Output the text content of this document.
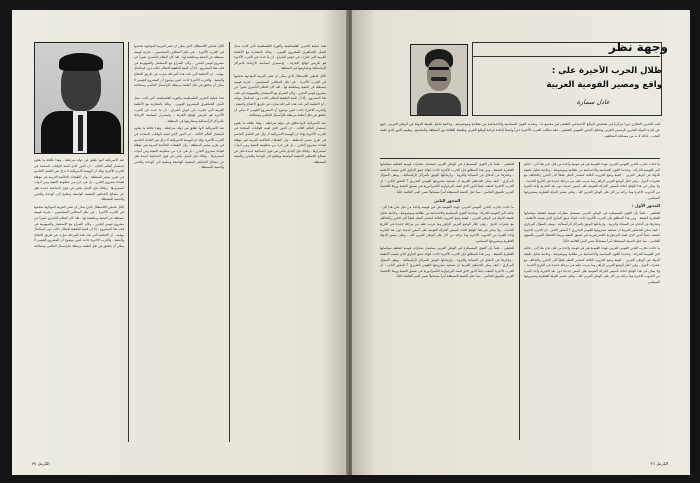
عبد الامبريالية لانها تطلق في دولة مترابطة ، وهذا علاقة ما يقاوم استعمار العالم الثالث . ان الدور الذي لعبته الولايات المتحدة في الحرب الأخيرة يؤكد ان الهيمنة الامبريالية لا تزال هي العامل الحاسم في تقرير مصير المنطقة ، وان الطبقات الحاكمة العربية غير مؤهلة لقيادة مشروع التحرر ، بل هي جزء من منظومة التبعية ومن أدوات استمرارها . ولذلك فإن البديل يكمن في قوى اجتماعية جديدة تعبّر عن مصالح الجماهير الشعبية الواسعة وتطمح الى الوحدة والتحرر والتنمية المستقلة .

الكل عاملين اللاستقلال الذي يمكن ان تعتبر العربية المواجهة بحجمها في الحرب الأخيرة ، في نظر المحللين السياسيين ، تجربة قومية مستقلة عن التبعية ومناهضة لها . لقد كان النظام الناصري تعبيراً عن مشروع قومي للتحرر ، وكان الصراع مع الاستعمار والصهيونية في قلب هذا المشروع ، إلا أن البنية الطبقية للنظام حالت دون استكمال مهامه . ان الانظمة التي تلت هذه المرحلة سارت في طريق الانفتاح والتبعية . والحرب الاخيرة جاءت لتبين بوضوح أن المشروع القومي لا يمكن أن يتحقق في ظل أنظمة مرتبطة بالرأسمال العالمي ومصالحه .

الكل عاملين اللاستقلال الذي يمكن ان تعتبر العربية المواجهة بحجمها في الحرب الأخيرة ، في نظر المحللين السياسيين ، تجربة قومية مستقلة عن التبعية ومناهضة لها . لقد كان النظام الناصري تعبيراً عن مشروع قومي للتحرر ، وكان الصراع مع الاستعمار والصهيونية في قلب هذا المشروع ، إلا أن البنية الطبقية للنظام حالت دون استكمال مهامه . ان الانظمة التي تلت هذه المرحلة سارت في طريق الانفتاح والتبعية . والحرب الاخيرة جاءت لتبين بوضوح أن المشروع القومي لا يمكن أن يتحقق في ظل أنظمة مرتبطة بالرأسمال العالمي ومصالحه .

هذه عملية التحرير الفلسطينية والثورة الفلسطينية التي كانت تمثل البديل الجماهيري للمشروع القومي ، وذلك بالمقارنة مع الأنظمة العربية التي عجزت عن خوض الصراع . ان ما حدث في الحرب الأخيرة هو تكريس لواقع التجزئة ، واستمرار لسياسة الارتباط بالمراكز الرأسمالية ومشاريعها في المنطقة .

عبد الامبريالية لانها تطلق في دولة مترابطة ، وهذا علاقة ما يقاوم استعمار العالم الثالث . ان الدور الذي لعبته الولايات المتحدة في الحرب الأخيرة يؤكد ان الهيمنة الامبريالية لا تزال هي العامل الحاسم في تقرير مصير المنطقة ، وان الطبقات الحاكمة العربية غير مؤهلة لقيادة مشروع التحرر ، بل هي جزء من منظومة التبعية ومن أدوات استمرارها . ولذلك فإن البديل يكمن في قوى اجتماعية جديدة تعبّر عن مصالح الجماهير الشعبية الواسعة وتطمح الى الوحدة والتحرر والتنمية المستقلة .

هذه عملية التحرير الفلسطينية والثورة الفلسطينية التي كانت تمثل البديل الجماهيري للمشروع القومي ، وذلك بالمقارنة مع الأنظمة العربية التي عجزت عن خوض الصراع . ان ما حدث في الحرب الأخيرة هو تكريس لواقع التجزئة ، واستمرار لسياسة الارتباط بالمراكز الرأسمالية ومشاريعها في المنطقة .

الكل عاملين اللاستقلال الذي يمكن ان تعتبر العربية المواجهة بحجمها في الحرب الأخيرة ، في نظر المحللين السياسيين ، تجربة قومية مستقلة عن التبعية ومناهضة لها . لقد كان النظام الناصري تعبيراً عن مشروع قومي للتحرر ، وكان الصراع مع الاستعمار والصهيونية في قلب هذا المشروع ، إلا أن البنية الطبقية للنظام حالت دون استكمال مهامه . ان الانظمة التي تلت هذه المرحلة سارت في طريق الانفتاح والتبعية . والحرب الاخيرة جاءت لتبين بوضوح أن المشروع القومي لا يمكن أن يتحقق في ظل أنظمة مرتبطة بالرأسمال العالمي ومصالحه .

عبد الامبريالية لانها تطلق في دولة مترابطة ، وهذا علاقة ما يقاوم استعمار العالم الثالث . ان الدور الذي لعبته الولايات المتحدة في الحرب الأخيرة يؤكد ان الهيمنة الامبريالية لا تزال هي العامل الحاسم في تقرير مصير المنطقة ، وان الطبقات الحاكمة العربية غير مؤهلة لقيادة مشروع التحرر ، بل هي جزء من منظومة التبعية ومن أدوات استمرارها . ولذلك فإن البديل يكمن في قوى اجتماعية جديدة تعبّر عن مصالح الجماهير الشعبية الواسعة وتطمح الى الوحدة والتحرر والتنمية المستقلة .

الكرمل ٣٧
وجهة نظر
ظلال الحرب الأخيرة على :
واقع ومصير القومية العربية
عادل سمارة

لعب التحرير النظري دوراً مركزياً في تشخيص الواقع الاجتماعي الطبقي في مجتمع ما ، وتحديد القوى السياسية والاجتماعية من عقلانية وموضوعية ، وخاصة تحليل طبيعة الدولة في الوطن العربي ، فهو عن ادارة الدولة التحرير الرسمي العربي وتحليل التحرر القومي الشعبي ، فقد شكلت الحرب الأخيرة حيزاً واسعاً لإعادة قراءة الواقع العربي وطبيعة العلاقة بين السلطة والمجتمع ، وتقييم الدور الذي لعبته النخب ، لذلك لا بد من مساءلة المفاهيم .

ما جاءت تجارب التحرر القومي العربي، فهذه القومية هي في قومية واحدة من قبل نحن هذا الى ، تحكم التي القومية الحركة ، وتحديدا القوى السياسية والاجتماعية من عقلانية وموضوعية ، وخاصة تحليل طبيعة الدولة في الوطن العربي . كيفية وضع الحروب الثلاثة كمصدر النظر فعلياً الى التحرر والتحالف مع عشرات الدول ، وفي اطار الوضع العربي الراهن وما يترتب عليه من مرحلة جديدة في التاريخ الحديث . ولا يمكن في هذا الواقع اعادة تأسيس الحركة القومية على أسس جديدة دون نقد التجربة وأخذ العبرة من الحروب الاخيرة وما تركته من آثار على الوطن العربي كله ، وعلى مصير الدولة القطرية ومشروعها السياسي .

المحور الأول :

للطبقي ، علماً بأن القوى المسيطرة في الوطن العربي تستعمل شعارات قومية لتغطية سياساتها القطرية الضيقة . ومن هذا المنطلق فإن الحرب الأخيرة جاءت لتؤكد عمق المأزق الذي تعيشه الأنظمة ، وعجزها عن الدفاع عن السيادة والثروة ، وارتباطها الوثيق بالمراكز الرأسمالية . ويبقى السؤال المركزي : كيف يمكن للجماهير العربية ان تستعيد مشروعها القومي التحرري ؟ المحور الثاني : ان الحرب الاخيرة كشفت ايضاً الدور الذي لعبته البرجوازية الكمبرادورية في تعميق التبعية وربط الاقتصاد العربي بالسوق العالمي ، مما جعل التنمية المستقلة أمراً مستحيلاً ضمن البنى القائمة حالياً .

ما جاءت تجارب التحرر القومي العربي، فهذه القومية هي في قومية واحدة من قبل نحن هذا الى ، تحكم التي القومية الحركة ، وتحديدا القوى السياسية والاجتماعية من عقلانية وموضوعية ، وخاصة تحليل طبيعة الدولة في الوطن العربي . كيفية وضع الحروب الثلاثة كمصدر النظر فعلياً الى التحرر والتحالف مع عشرات الدول ، وفي اطار الوضع العربي الراهن وما يترتب عليه من مرحلة جديدة في التاريخ الحديث . ولا يمكن في هذا الواقع اعادة تأسيس الحركة القومية على أسس جديدة دون نقد التجربة وأخذ العبرة من الحروب الاخيرة وما تركته من آثار على الوطن العربي كله ، وعلى مصير الدولة القطرية ومشروعها السياسي .

للطبقي ، علماً بأن القوى المسيطرة في الوطن العربي تستعمل شعارات قومية لتغطية سياساتها القطرية الضيقة . ومن هذا المنطلق فإن الحرب الأخيرة جاءت لتؤكد عمق المأزق الذي تعيشه الأنظمة ، وعجزها عن الدفاع عن السيادة والثروة ، وارتباطها الوثيق بالمراكز الرأسمالية . ويبقى السؤال المركزي : كيف يمكن للجماهير العربية ان تستعيد مشروعها القومي التحرري ؟ المحور الثاني : ان الحرب الاخيرة كشفت ايضاً الدور الذي لعبته البرجوازية الكمبرادورية في تعميق التبعية وربط الاقتصاد العربي بالسوق العالمي ، مما جعل التنمية المستقلة أمراً مستحيلاً ضمن البنى القائمة حالياً .

المحور الثاني

ما جاءت تجارب التحرر القومي العربي، فهذه القومية هي في قومية واحدة من قبل نحن هذا الى ، تحكم التي القومية الحركة ، وتحديدا القوى السياسية والاجتماعية من عقلانية وموضوعية ، وخاصة تحليل طبيعة الدولة في الوطن العربي . كيفية وضع الحروب الثلاثة كمصدر النظر فعلياً الى التحرر والتحالف مع عشرات الدول ، وفي اطار الوضع العربي الراهن وما يترتب عليه من مرحلة جديدة في التاريخ الحديث . ولا يمكن في هذا الواقع اعادة تأسيس الحركة القومية على أسس جديدة دون نقد التجربة وأخذ العبرة من الحروب الاخيرة وما تركته من آثار على الوطن العربي كله ، وعلى مصير الدولة القطرية ومشروعها السياسي .

للطبقي ، علماً بأن القوى المسيطرة في الوطن العربي تستعمل شعارات قومية لتغطية سياساتها القطرية الضيقة . ومن هذا المنطلق فإن الحرب الأخيرة جاءت لتؤكد عمق المأزق الذي تعيشه الأنظمة ، وعجزها عن الدفاع عن السيادة والثروة ، وارتباطها الوثيق بالمراكز الرأسمالية . ويبقى السؤال المركزي : كيف يمكن للجماهير العربية ان تستعيد مشروعها القومي التحرري ؟ المحور الثاني : ان الحرب الاخيرة كشفت ايضاً الدور الذي لعبته البرجوازية الكمبرادورية في تعميق التبعية وربط الاقتصاد العربي بالسوق العالمي ، مما جعل التنمية المستقلة أمراً مستحيلاً ضمن البنى القائمة حالياً .

الكرمل ٣٦
